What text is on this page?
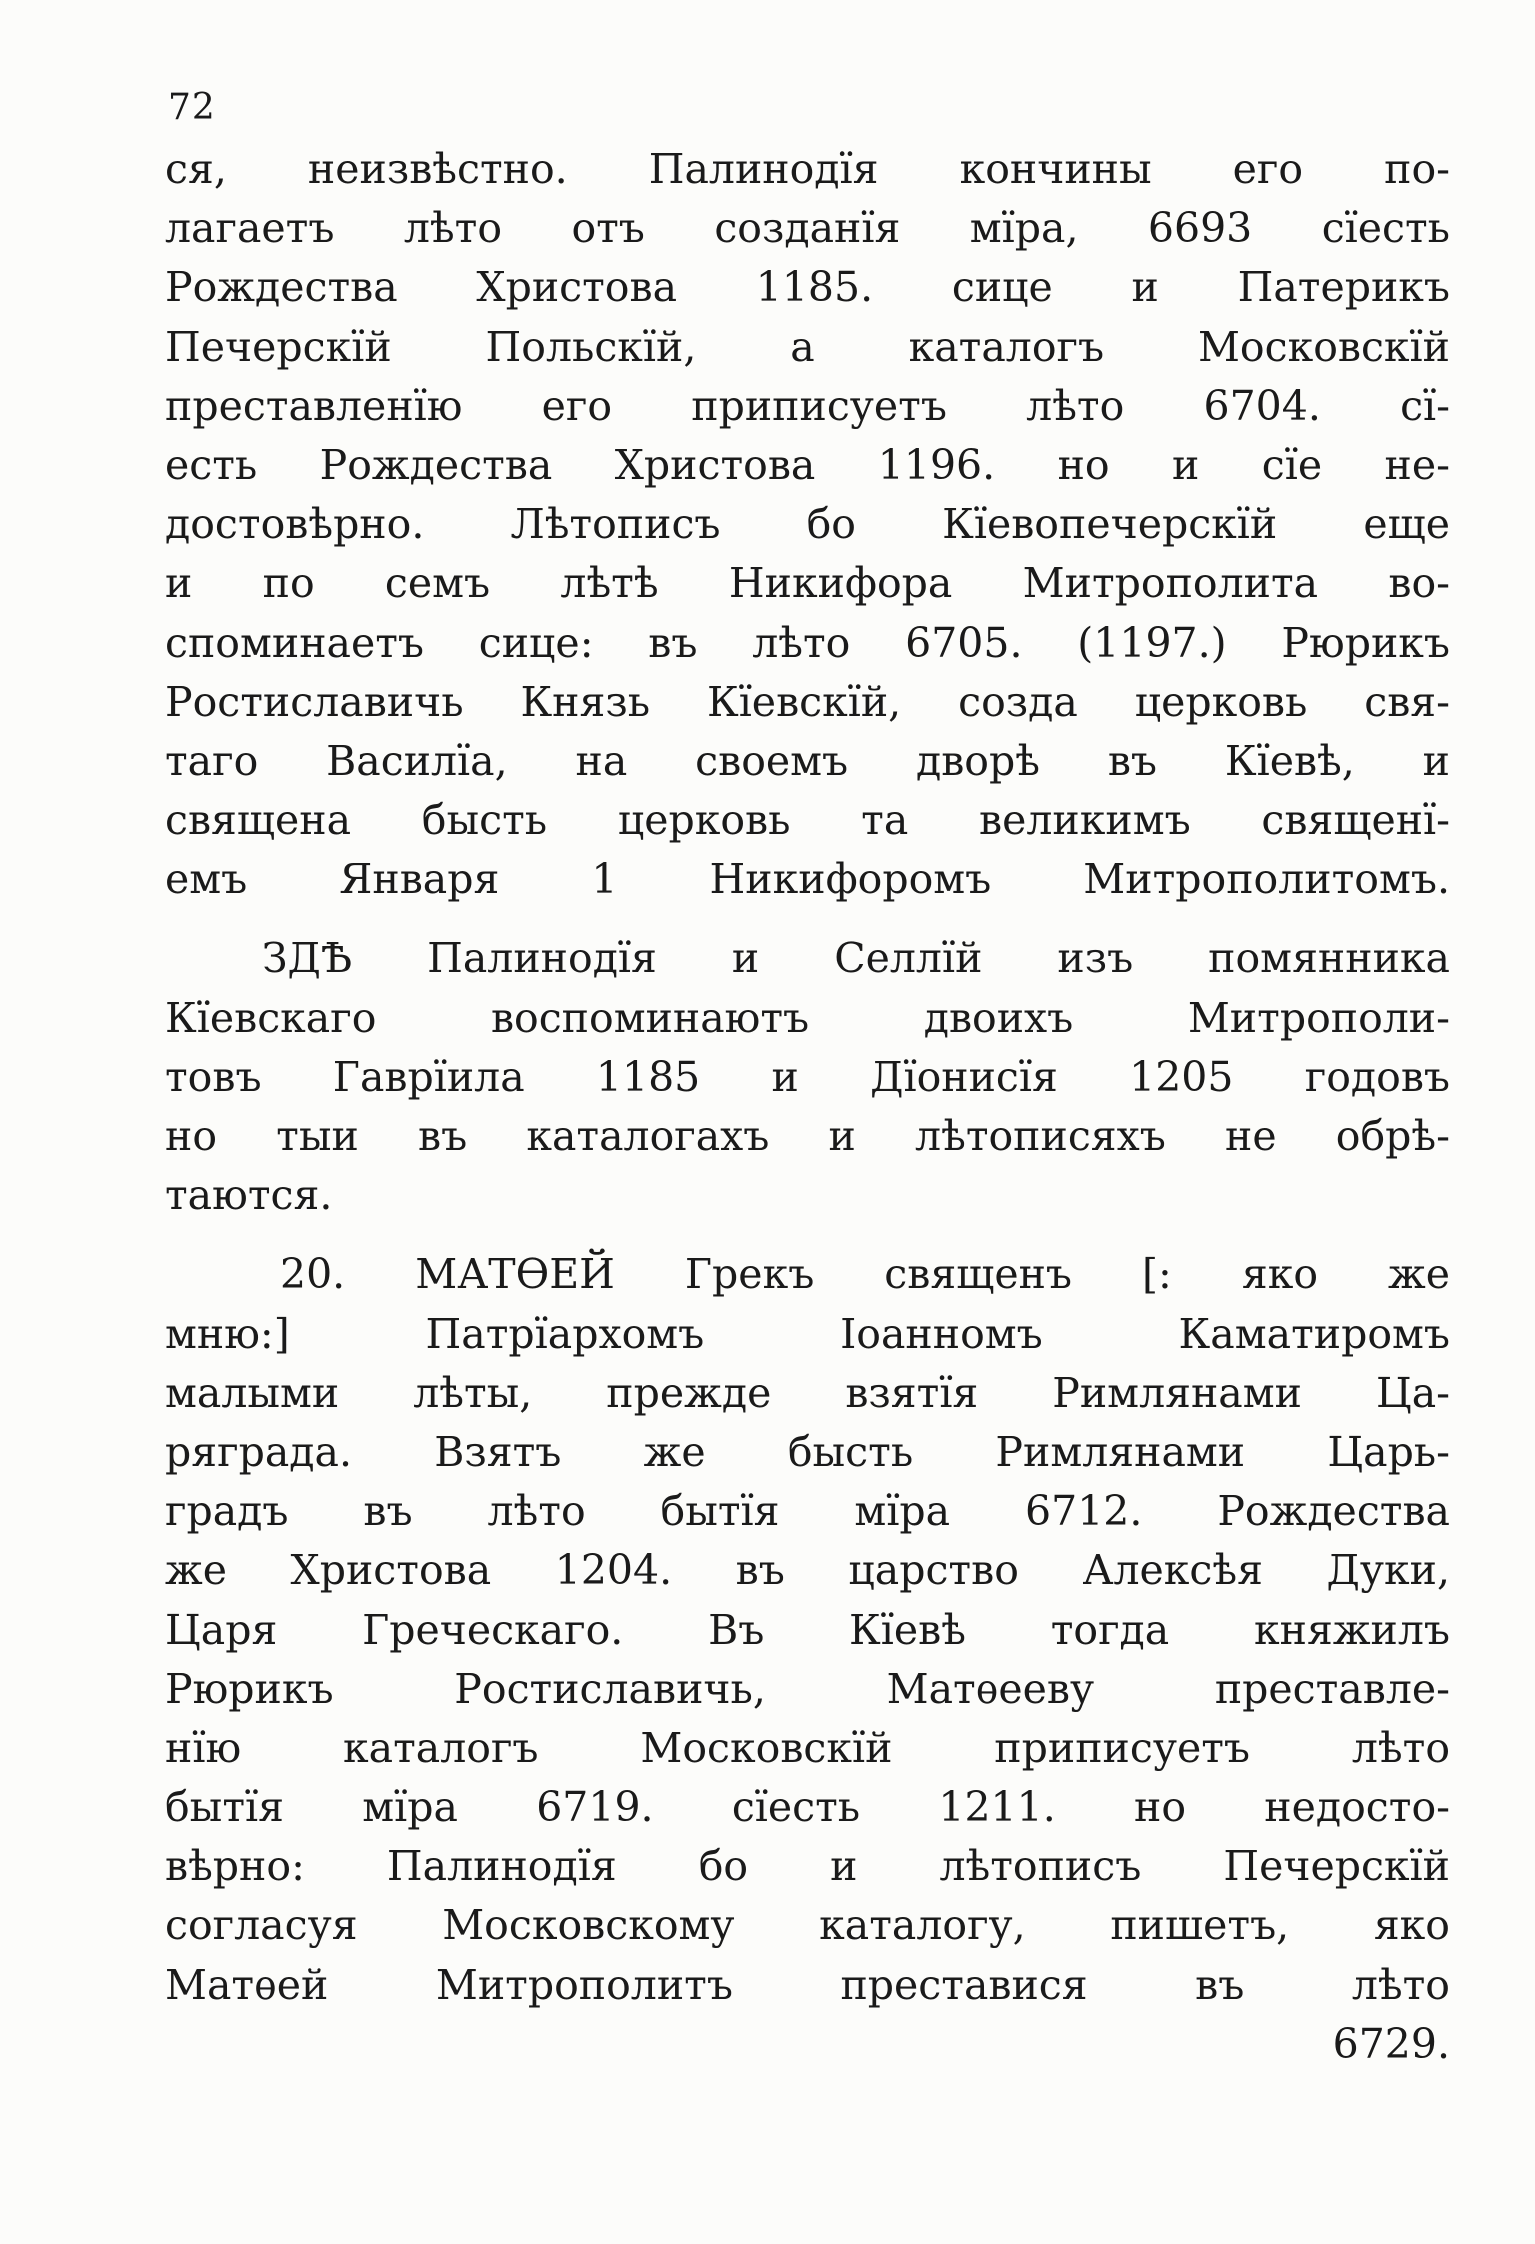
72
ся, неизвѣстно. Палинодїя кончины его по-
лагаетъ лѣто отъ созданїя мїра, 6693 сїесть
Рождества Христова 1185. сице и Патерикъ
Печерскїй Польскїй, а каталогъ Московскїй
преставленїю его приписуетъ лѣто 6704. сї-
есть Рождества Христова 1196. но и сїе не-
достовѣрно. Лѣтописъ бо Кїевопечерскїй еще
и по семъ лѣтѣ Никифора Митрополита во-
споминаетъ сице: въ лѣто 6705. (1197.) Рюрикъ
Ростиславичь Князь Кїевскїй, созда церковь свя-
таго Василїа, на своемъ дворѣ въ Кїевѣ, и
священа бысть церковь та великимъ священї-
емъ Января 1 Никифоромъ Митрополитомъ.
ЗДѢ Палинодїя и Селлїй изъ помянника
Кїевскаго воспоминаютъ двоихъ Митрополи-
товъ Гаврїила 1185 и Дїонисїя 1205 годовъ
но тыи въ каталогахъ и лѣтописяхъ не обрѣ-
таются.
20. МАТѲЕЙ Грекъ священъ [: яко же
мню:] Патрїархомъ Іоанномъ Каматиромъ
малыми лѣты, прежде взятїя Римлянами Ца-
ряграда. Взятъ же бысть Римлянами Царь-
градъ въ лѣто бытїя мїра 6712. Рождества
же Христова 1204. въ царство Алексѣя Дуки,
Царя Греческаго. Въ Кїевѣ тогда княжилъ
Рюрикъ Ростиславичь, Матѳееву преставле-
нїю каталогъ Московскїй приписуетъ лѣто
бытїя мїра 6719. сїесть 1211. но недосто-
вѣрно: Палинодїя бо и лѣтописъ Печерскїй
согласуя Московскому каталогу, пишетъ, яко
Матѳей Митрополитъ преставися въ лѣто
6729.
